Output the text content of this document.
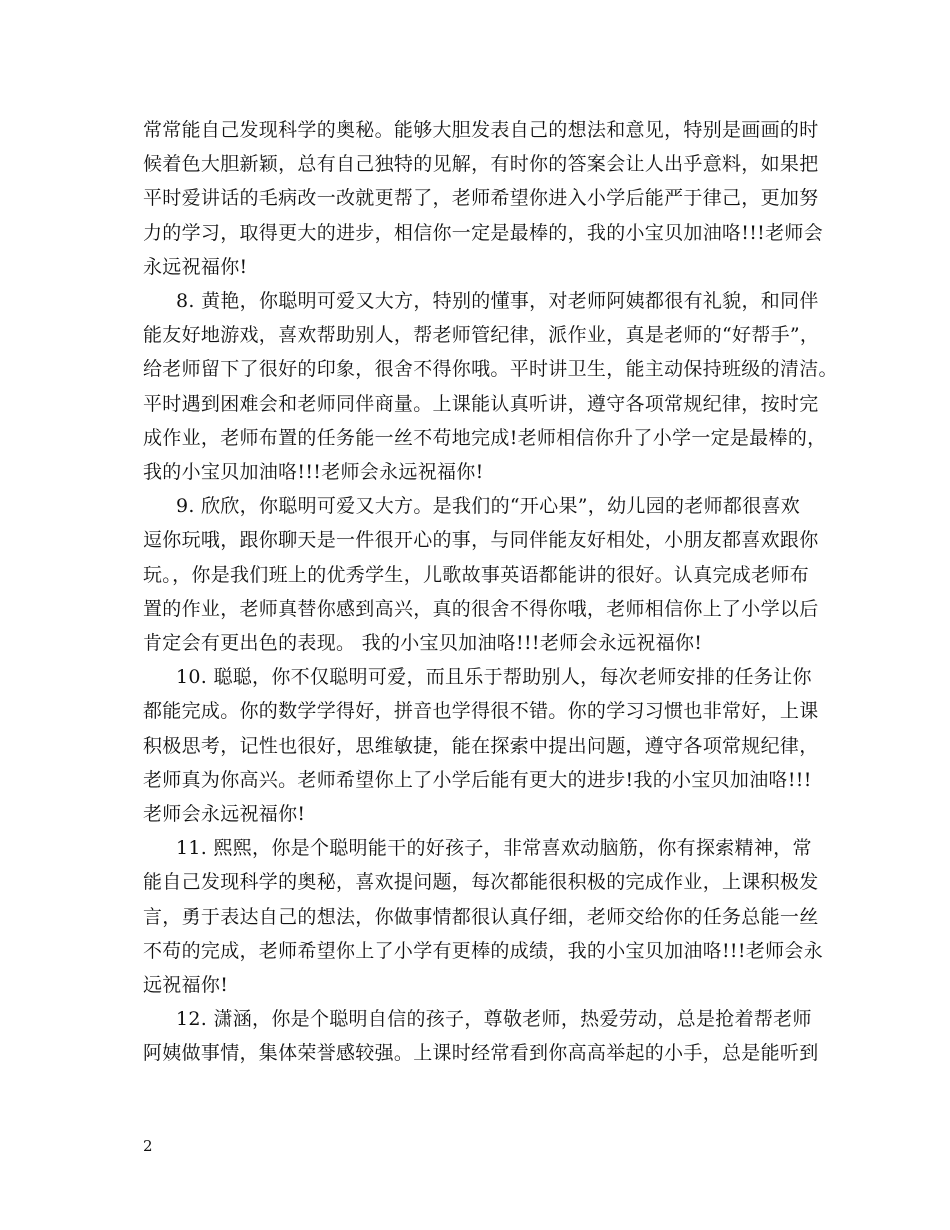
常常能自己发现科学的奥秘。能够大胆发表自己的想法和意见，特别是画画的时
候着色大胆新颖，总有自己独特的见解，有时你的答案会让人出乎意料，如果把
平时爱讲话的毛病改一改就更帮了，老师希望你进入小学后能严于律己，更加努
力的学习，取得更大的进步，相信你一定是最棒的，我的小宝贝加油咯!!!老师会
永远祝福你!
8. 黄艳，你聪明可爱又大方，特别的懂事，对老师阿姨都很有礼貌，和同伴
能友好地游戏，喜欢帮助别人，帮老师管纪律，派作业，真是老师的“好帮手”，
给老师留下了很好的印象，很舍不得你哦。平时讲卫生，能主动保持班级的清洁。
平时遇到困难会和老师同伴商量。上课能认真听讲，遵守各项常规纪律，按时完
成作业，老师布置的任务能一丝不苟地完成!老师相信你升了小学一定是最棒的，
我的小宝贝加油咯!!!老师会永远祝福你!
9. 欣欣，你聪明可爱又大方。是我们的“开心果”，幼儿园的老师都很喜欢
逗你玩哦，跟你聊天是一件很开心的事，与同伴能友好相处，小朋友都喜欢跟你
玩。，你是我们班上的优秀学生，儿歌故事英语都能讲的很好。认真完成老师布
置的作业，老师真替你感到高兴，真的很舍不得你哦，老师相信你上了小学以后
肯定会有更出色的表现。 我的小宝贝加油咯!!!老师会永远祝福你!
10. 聪聪，你不仅聪明可爱，而且乐于帮助别人，每次老师安排的任务让你
都能完成。你的数学学得好，拼音也学得很不错。你的学习习惯也非常好，上课
积极思考，记性也很好，思维敏捷，能在探索中提出问题，遵守各项常规纪律，
老师真为你高兴。老师希望你上了小学后能有更大的进步!我的小宝贝加油咯!!!
老师会永远祝福你!
11. 熙熙，你是个聪明能干的好孩子，非常喜欢动脑筋，你有探索精神，常
能自己发现科学的奥秘，喜欢提问题，每次都能很积极的完成作业，上课积极发
言，勇于表达自己的想法，你做事情都很认真仔细，老师交给你的任务总能一丝
不苟的完成，老师希望你上了小学有更棒的成绩，我的小宝贝加油咯!!!老师会永
远祝福你!
12. 潇涵，你是个聪明自信的孩子，尊敬老师，热爱劳动，总是抢着帮老师
阿姨做事情，集体荣誉感较强。上课时经常看到你高高举起的小手，总是能听到
2
